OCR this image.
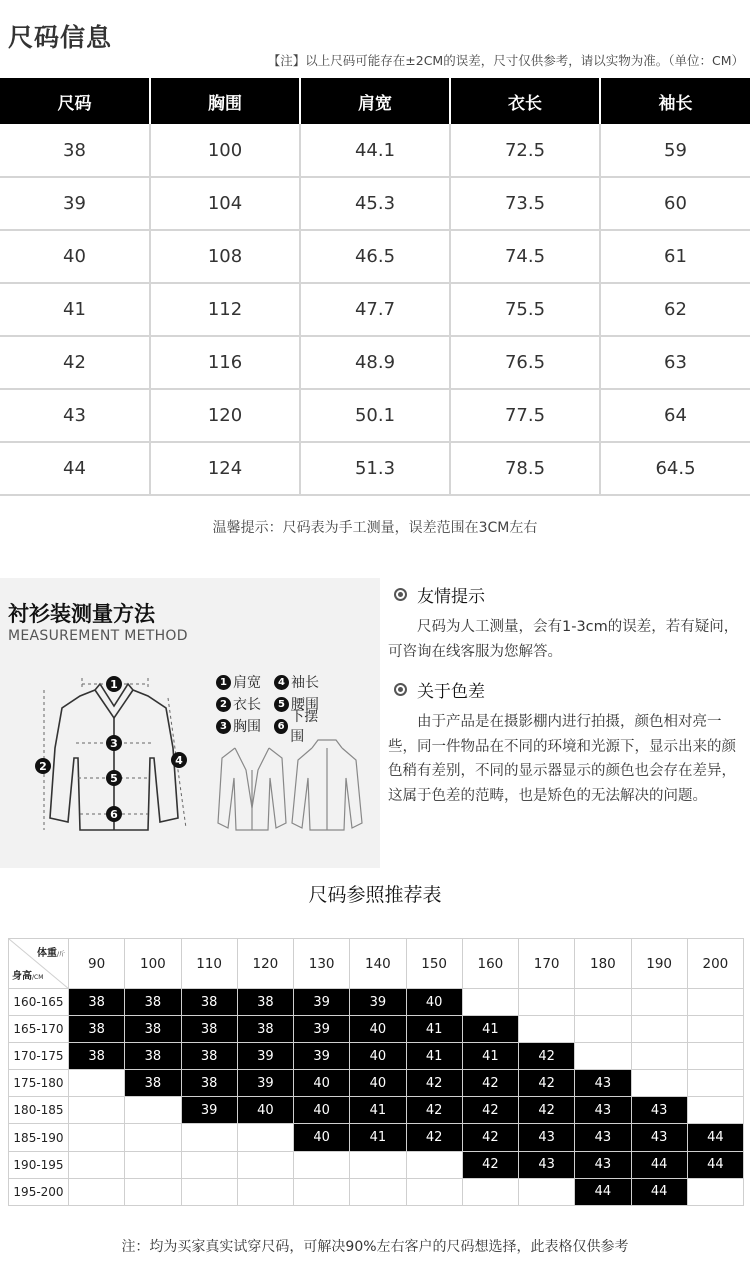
尺码信息
【注】以上尺码可能存在±2CM的误差，尺寸仅供参考，请以实物为准。（单位：CM）
尺码	胸围	肩宽	衣长	袖长
38	100	44.1	72.5	59
39	104	45.3	73.5	60
40	108	46.5	74.5	61
41	112	47.7	75.5	62
42	116	48.9	76.5	63
43	120	50.1	77.5	64
44	124	51.3	78.5	64.5
温馨提示：尺码表为手工测量，误差范围在3CM左右
衬衫装测量方法
MEASUREMENT METHOD
1
2
3
4
5
6
1 肩宽	4 袖长
2 衣长	5 腰围
3 胸围	6
下摆围
友情提示
尺码为人工测量，会有1-3cm的误差，若有疑问，可咨询在线客服为您解答。
关于色差
由于产品是在摄影棚内进行拍摄，颜色相对亮一些，同一件物品在不同的环境和光源下，显示出来的颜色稍有差别，不同的显示器显示的颜色也会存在差异，这属于色差的范畴，也是矫色的无法解决的问题。
尺码参照推荐表
体重/斤
身高/CM	90	100	110	120	130	140	150	160	170	180	190	200
160-165	38	38	38	38	39	39	40					
165-170	38	38	38	38	39	40	41	41				
170-175	38	38	38	39	39	40	41	41	42			
175-180		38	38	39	40	40	42	42	42	43		
180-185			39	40	40	41	42	42	42	43	43	
185-190					40	41	42	42	43	43	43	44
190-195								42	43	43	44	44
195-200										44	44	
注：均为买家真实试穿尺码，可解决90%左右客户的尺码想选择，此表格仅供参考
